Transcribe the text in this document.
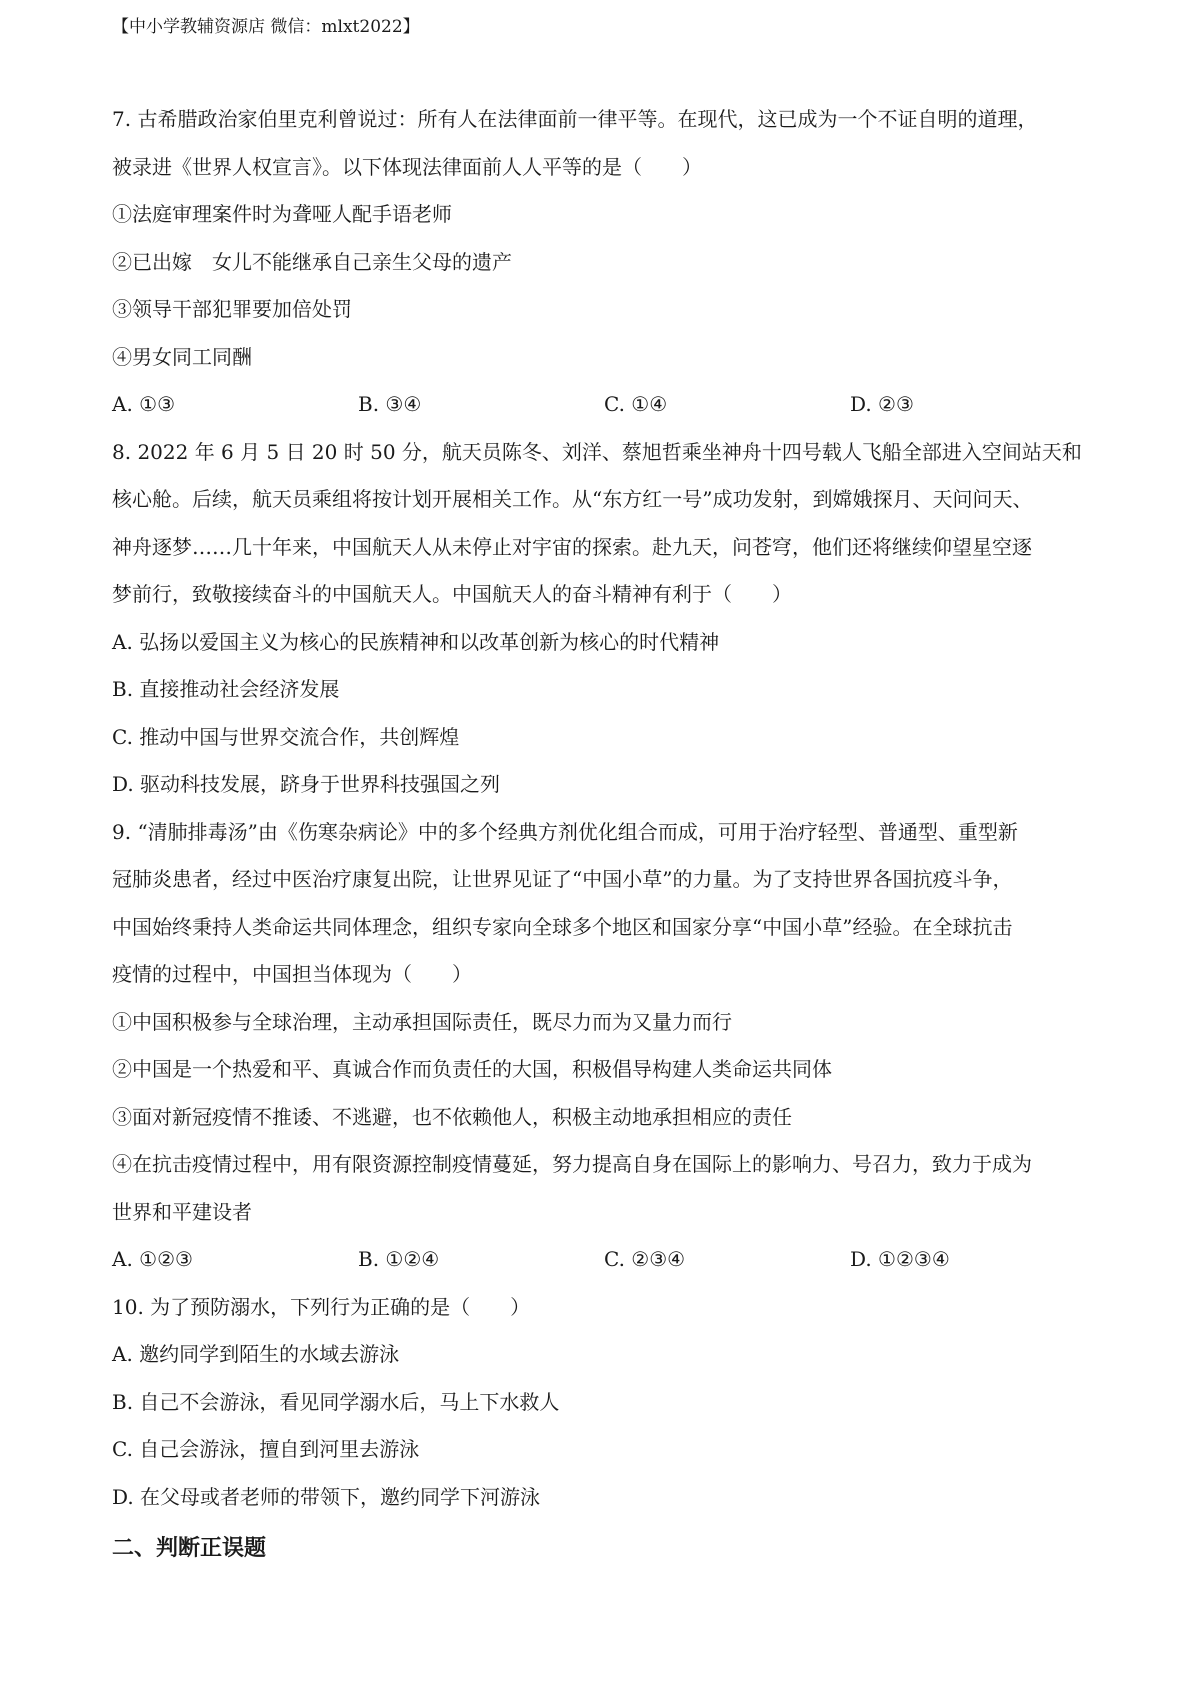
【中小学教辅资源店 微信：mlxt2022】

7. 古希腊政治家伯里克利曾说过：所有人在法律面前一律平等。在现代，这已成为一个不证自明的道理，

被录进《世界人权宣言》。以下体现法律面前人人平等的是（　　）

①法庭审理案件时为聋哑人配手语老师

②已出嫁　女儿不能继承自己亲生父母的遗产

③领导干部犯罪要加倍处罚

④男女同工同酬

A. ①③	B. ③④	C. ①④	D. ②③

8. 2022 年 6 月 5 日 20 时 50 分，航天员陈冬、刘洋、蔡旭哲乘坐神舟十四号载人飞船全部进入空间站天和

核心舱。后续，航天员乘组将按计划开展相关工作。从“东方红一号”成功发射，到嫦娥探月、天问问天、

神舟逐梦……几十年来，中国航天人从未停止对宇宙的探索。赴九天，问苍穹，他们还将继续仰望星空逐

梦前行，致敬接续奋斗的中国航天人。中国航天人的奋斗精神有利于（　　）

A. 弘扬以爱国主义为核心的民族精神和以改革创新为核心的时代精神

B. 直接推动社会经济发展

C. 推动中国与世界交流合作，共创辉煌

D. 驱动科技发展，跻身于世界科技强国之列

9. “清肺排毒汤”由《伤寒杂病论》中的多个经典方剂优化组合而成，可用于治疗轻型、普通型、重型新

冠肺炎患者，经过中医治疗康复出院，让世界见证了“中国小草”的力量。为了支持世界各国抗疫斗争，

中国始终秉持人类命运共同体理念，组织专家向全球多个地区和国家分享“中国小草”经验。在全球抗击

疫情的过程中，中国担当体现为（　　）

①中国积极参与全球治理，主动承担国际责任，既尽力而为又量力而行

②中国是一个热爱和平、真诚合作而负责任的大国，积极倡导构建人类命运共同体

③面对新冠疫情不推诿、不逃避，也不依赖他人，积极主动地承担相应的责任

④在抗击疫情过程中，用有限资源控制疫情蔓延，努力提高自身在国际上的影响力、号召力，致力于成为

世界和平建设者

A. ①②③	B. ①②④	C. ②③④	D. ①②③④

10. 为了预防溺水，下列行为正确的是（　　）

A. 邀约同学到陌生的水域去游泳

B. 自己不会游泳，看见同学溺水后，马上下水救人

C. 自己会游泳，擅自到河里去游泳

D. 在父母或者老师的带领下，邀约同学下河游泳

二、判断正误题
